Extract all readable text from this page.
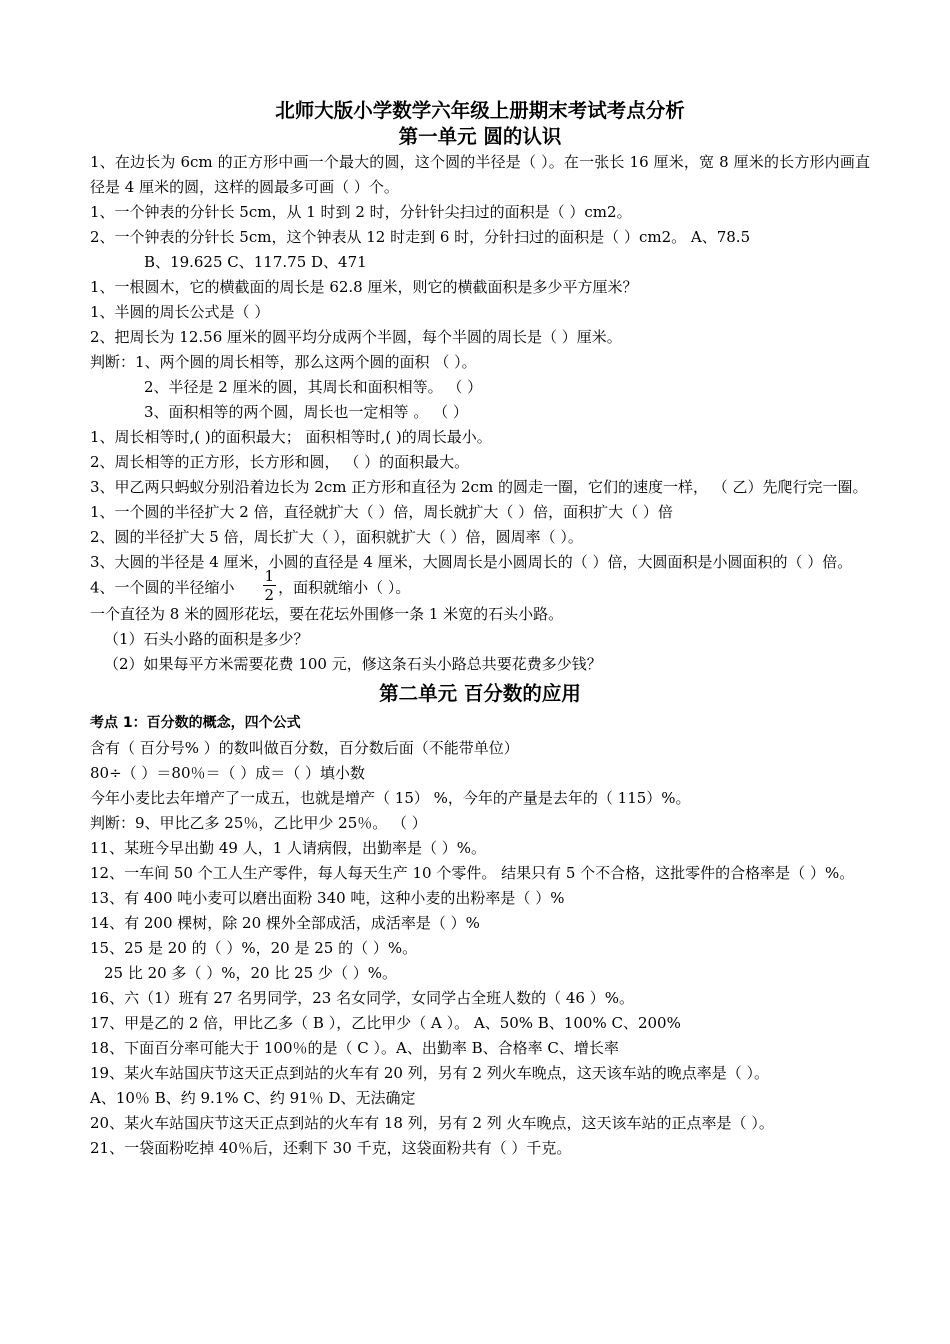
北师大版小学数学六年级上册期末考试考点分析
第一单元 圆的认识
1、在边长为 6cm 的正方形中画一个最大的圆，这个圆的半径是（ ）。在一张长 16 厘米，宽 8 厘米的长方形内画直径是 4 厘米的圆，这样的圆最多可画（ ）个。
1、一个钟表的分针长 5cm，从 1 时到 2 时，分针针尖扫过的面积是（ ）cm2。
2、一个钟表的分针长 5cm，这个钟表从 12 时走到 6 时，分针扫过的面积是（ ）cm2。 A、78.5
B、19.625 C、117.75 D、471
1、一根圆木，它的横截面的周长是 62.8 厘米，则它的横截面积是多少平方厘米？
1、半圆的周长公式是（ ）
2、把周长为 12.56 厘米的圆平均分成两个半圆，每个半圆的周长是（ ）厘米。
判断：1、两个圆的周长相等，那么这两个圆的面积 （ ）。
2、半径是 2 厘米的圆，其周长和面积相等。 （ ）
3、面积相等的两个圆，周长也一定相等 。 （ ）
1、周长相等时,( )的面积最大； 面积相等时,( )的周长最小。
2、周长相等的正方形，长方形和圆， （ ）的面积最大。
3、甲乙两只蚂蚁分别沿着边长为 2cm 正方形和直径为 2cm 的圆走一圈，它们的速度一样， （ 乙）先爬行完一圈。
1、一个圆的半径扩大 2 倍，直径就扩大（ ）倍，周长就扩大（ ）倍，面积扩大（ ）倍
2、圆的半径扩大 5 倍，周长扩大（ ），面积就扩大（ ）倍，圆周率（ ）。
3、大圆的半径是 4 厘米，小圆的直径是 4 厘米，大圆周长是小圆周长的（ ）倍，大圆面积是小圆面积的（ ）倍。
4、一个圆的半径缩小 $\frac{1}{2}$ ，面积就缩小（ ）。
一个直径为 8 米的圆形花坛，要在花坛外围修一条 1 米宽的石头小路。
（1）石头小路的面积是多少？
（2）如果每平方米需要花费 100 元，修这条石头小路总共要花费多少钱？
第二单元 百分数的应用
考点 1：百分数的概念，四个公式
含有（ 百分号% ）的数叫做百分数，百分数后面（不能带单位）
80÷（ ）＝80％＝（ ）成＝（ ）填小数
今年小麦比去年增产了一成五，也就是增产（ 15） %，今年的产量是去年的（ 115）%。
判断：9、甲比乙多 25％，乙比甲少 25％。 （ ）
11、某班今早出勤 49 人，1 人请病假，出勤率是（ ）%。
12、一车间 50 个工人生产零件，每人每天生产 10 个零件。 结果只有 5 个不合格，这批零件的合格率是（ ）%。
13、有 400 吨小麦可以磨出面粉 340 吨，这种小麦的出粉率是（ ）%
14、有 200 棵树，除 20 棵外全部成活，成活率是（ ）%
15、25 是 20 的（ ）%，20 是 25 的（ ）%。
25 比 20 多（ ）%，20 比 25 少（ ）%。
16、六（1）班有 27 名男同学，23 名女同学，女同学占全班人数的（ 46 ）%。
17、甲是乙的 2 倍，甲比乙多（ B ），乙比甲少（ A ）。 A、50% B、100% C、200%
18、下面百分率可能大于 100％的是（ C ）。A、出勤率 B、合格率 C、增长率
19、某火车站国庆节这天正点到站的火车有 20 列，另有 2 列火车晚点，这天该车站的晚点率是（ ）。
A、10％ B、约 9.1% C、约 91％ D、无法确定
20、某火车站国庆节这天正点到站的火车有 18 列，另有 2 列 火车晚点，这天该车站的正点率是（ ）。
21、一袋面粉吃掉 40％后，还剩下 30 千克，这袋面粉共有（ ）千克。
